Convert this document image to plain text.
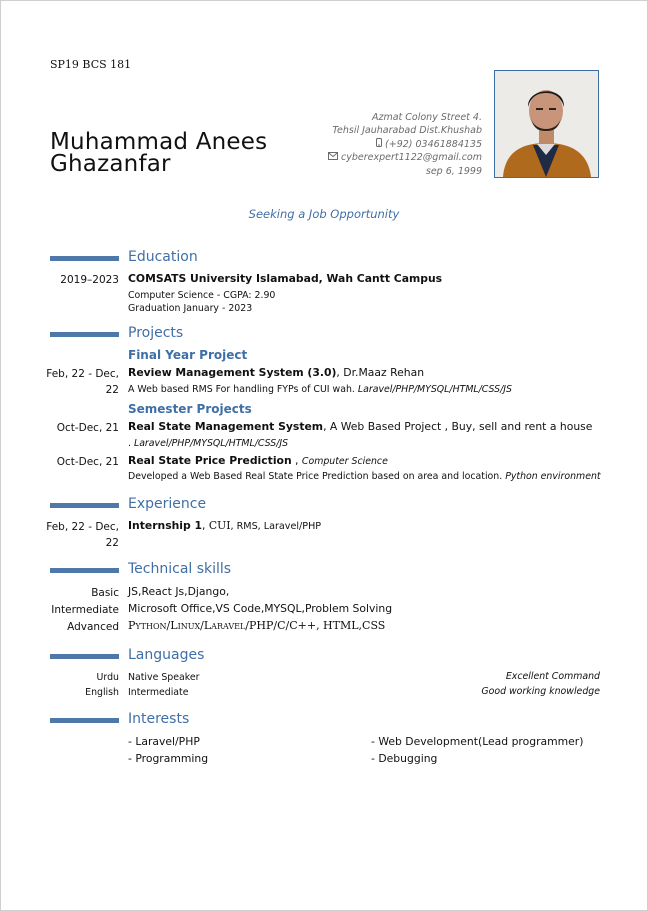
SP19 BCS 181
Muhammad Anees
Ghazanfar
Azmat Colony Street 4.
Tehsil Jauharabad Dist.Khushab
(+92) 03461884135
cyberexpert1122@gmail.com
sep 6, 1999
Seeking a Job Opportunity
Education
2019–2023 COMSATS University Islamabad, Wah Cantt Campus
Computer Science - CGPA: 2.90
Graduation January - 2023
Projects
Final Year Project
Feb, 22 - Dec,
22
Review Management System (3.0), Dr.Maaz Rehan
A Web based RMS For handling FYPs of CUI wah. Laravel/PHP/MYSQL/HTML/CSS/JS
Semester Projects
Oct-Dec, 21 Real State Management System, A Web Based Project , Buy, sell and rent a house
. Laravel/PHP/MYSQL/HTML/CSS/JS
Oct-Dec, 21 Real State Price Prediction , Computer Science
Developed a Web Based Real State Price Prediction based on area and location. Python environment
Experience
Feb, 22 - Dec,
22
Internship 1, CUI, RMS, Laravel/PHP
Technical skills
Basic JS,React Js,Django,
Intermediate Microsoft Office,VS Code,MYSQL,Problem Solving
Advanced Python/Linux/Laravel/PHP/C/C++, HTML,CSS
Languages
Urdu Native Speaker	Excellent Command
English Intermediate	Good working knowledge
Interests
- Laravel/PHP	- Web Development(Lead programmer)
- Programming	- Debugging
